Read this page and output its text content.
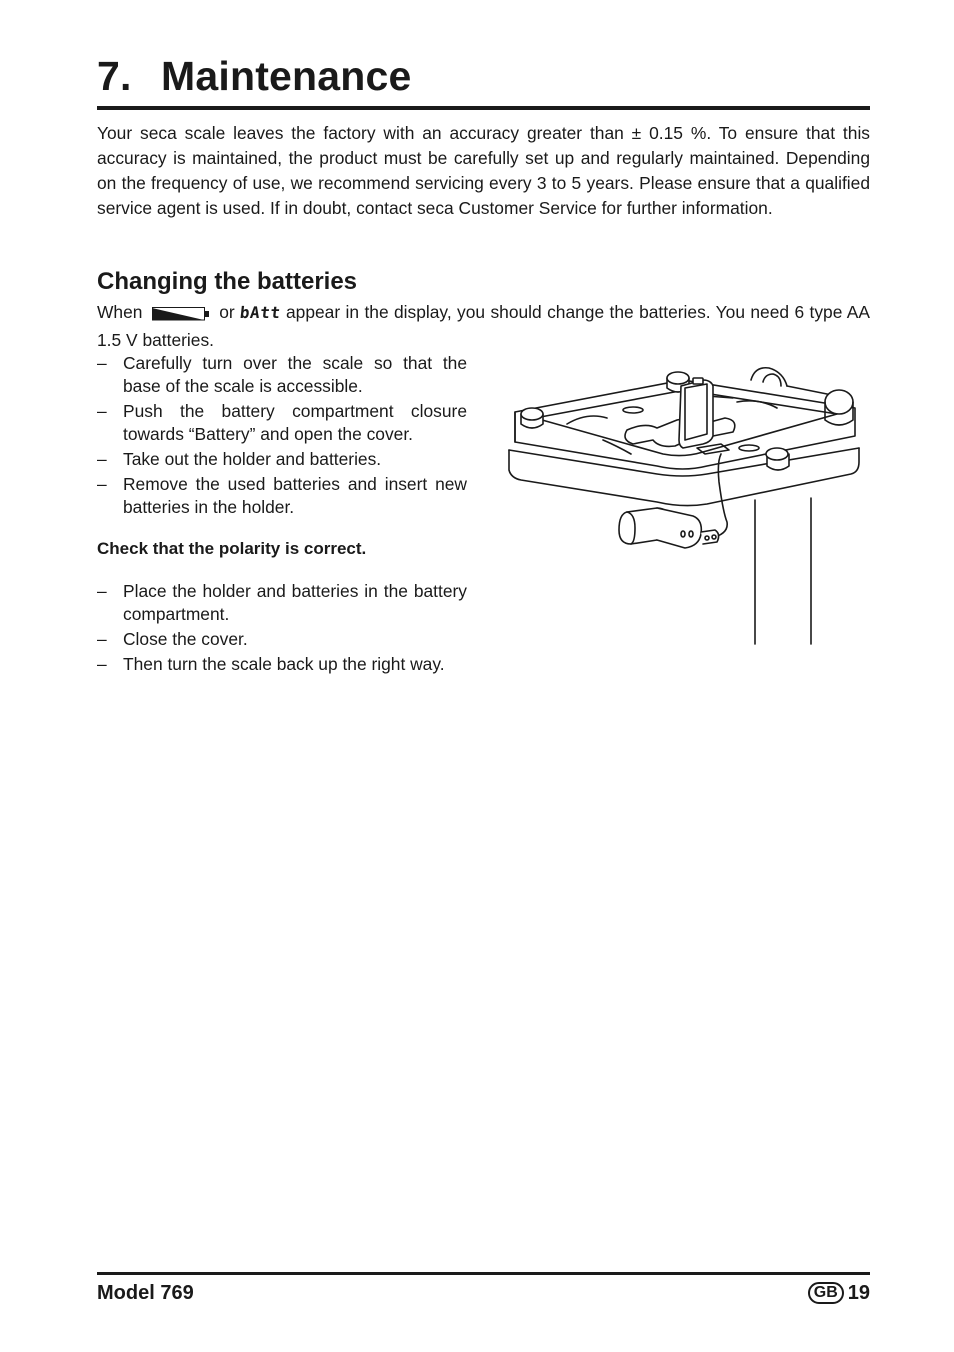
7. Maintenance

Your seca scale leaves the factory with an accuracy greater than ± 0.15 %. To ensure that this accuracy is maintained, the product must be carefully set up and regularly maintained. Depending on the frequency of use, we recommend servicing every 3 to 5 years. Please ensure that a qualified service agent is used. If in doubt, contact seca Customer Service for further information.

Changing the batteries

When	or bAtt appear in the display, you should change the batteries. You need 6 type AA 1.5 V batteries.

– Carefully turn over the scale so that the base of the scale is accessible.
– Push the battery compartment closure towards “Battery” and open the cover.
– Take out the holder and batteries.
– Remove the used batteries and insert new batteries in the holder.

Check that the polarity is correct.

– Place the holder and batteries in the battery compartment.
– Close the cover.
– Then turn the scale back up the right way.
Model 769	GB 19
